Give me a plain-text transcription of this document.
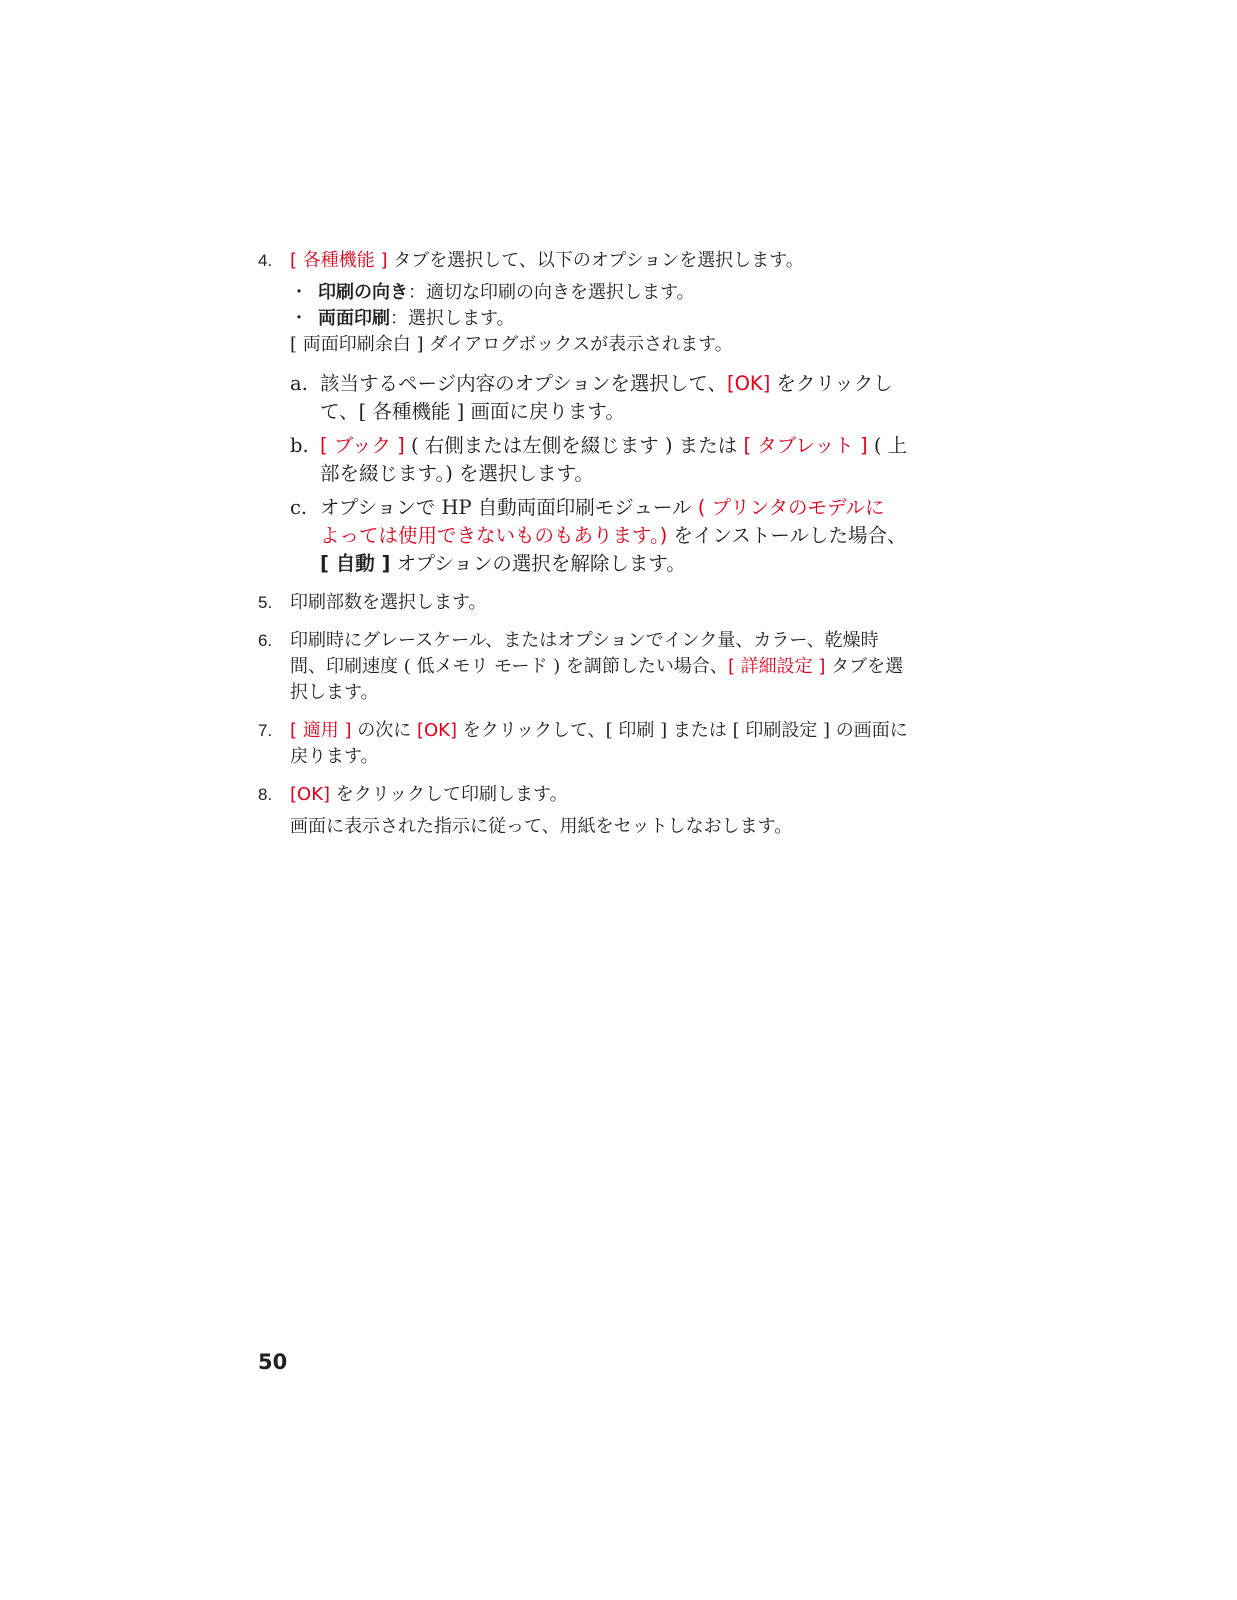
4. [ 各種機能 ] タブを選択して、以下のオプションを選択します。
・ 印刷の向き：適切な印刷の向きを選択します。
・ 両面印刷：選択します。
[ 両面印刷余白 ] ダイアログボックスが表示されます。
a. 該当するページ内容のオプションを選択して、[OK] をクリックし
て、[ 各種機能 ] 画面に戻ります。
b. [ ブック ] ( 右側または左側を綴じます ) または [ タブレット ] ( 上
部を綴じます。) を選択します。
c. オプションで HP 自動両面印刷モジュール ( プリンタのモデルに
よっては使用できないものもあります。) をインストールした場合、
[ 自動 ] オプションの選択を解除します。
5. 印刷部数を選択します。
6. 印刷時にグレースケール、またはオプションでインク量、カラー、乾燥時
間、印刷速度 ( 低メモリ モード ) を調節したい場合、[ 詳細設定 ] タブを選
択します。
7. [ 適用 ] の次に [OK] をクリックして、[ 印刷 ] または [ 印刷設定 ] の画面に
戻ります。
8. [OK] をクリックして印刷します。
画面に表示された指示に従って、用紙をセットしなおします。
50
